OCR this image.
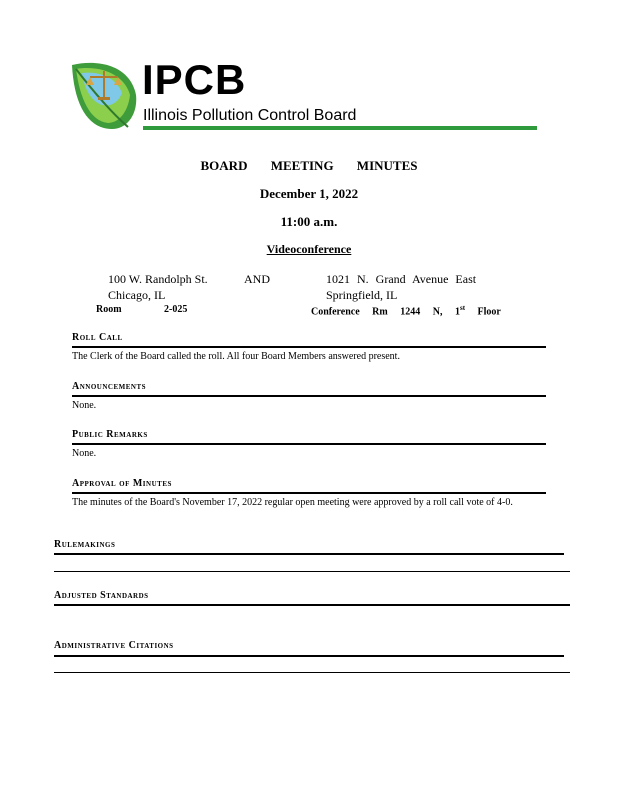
IPCB
Illinois Pollution Control Board
BOARD MEETING MINUTES
December 1, 2022
11:00 a.m.
Videoconference
100 W. Randolph St.
Chicago, IL
AND	1021 N. Grand Avenue East
Springfield, IL
Room	2-025	Conference Rm 1244 N, 1st Floor
Roll Call
The Clerk of the Board called the roll. All four Board Members answered present.
Announcements
None.
Public Remarks
None.
Approval of Minutes
The minutes of the Board's November 17, 2022 regular open meeting were approved by a roll call vote of 4-0.
Rulemakings
Adjusted Standards
Administrative Citations
